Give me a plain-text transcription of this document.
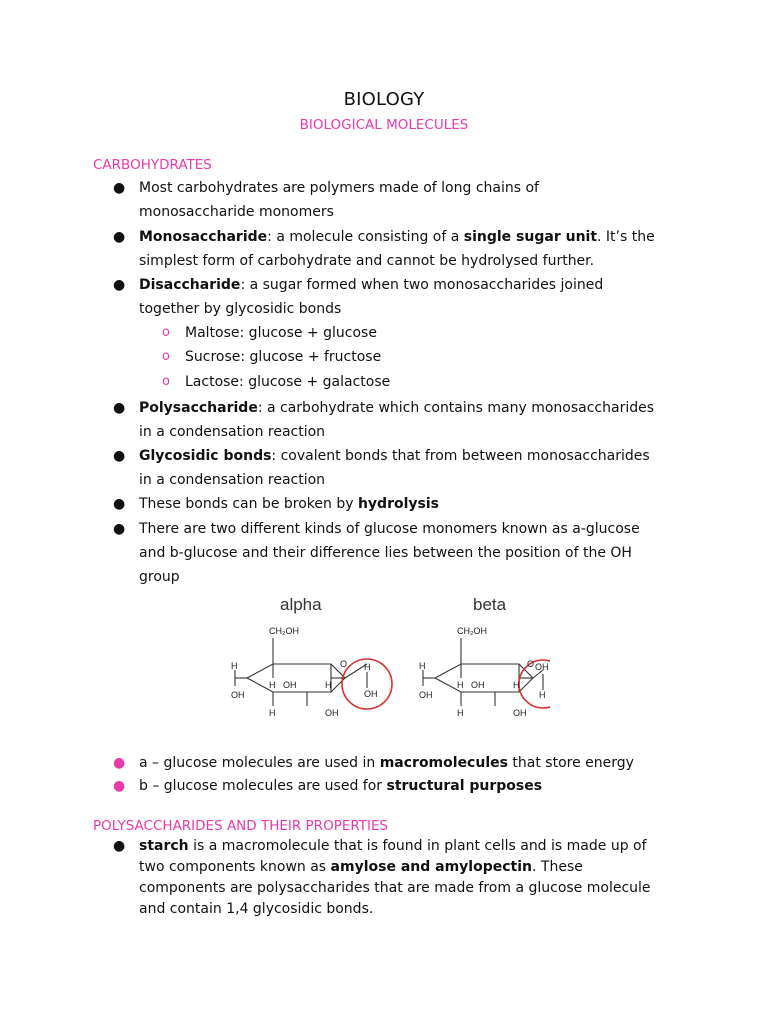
BIOLOGY
BIOLOGICAL MOLECULES
CARBOHYDRATES
● Most carbohydrates are polymers made of long chains of
monosaccharide monomers
● Monosaccharide: a molecule consisting of a single sugar unit. It’s the
simplest form of carbohydrate and cannot be hydrolysed further.
● Disaccharide: a sugar formed when two monosaccharides joined
together by glycosidic bonds
o Maltose: glucose + glucose
o Sucrose: glucose + fructose
o Lactose: glucose + galactose
● Polysaccharide: a carbohydrate which contains many monosaccharides
in a condensation reaction
● Glycosidic bonds: covalent bonds that from between monosaccharides
in a condensation reaction
● These bonds can be broken by hydrolysis
● There are two different kinds of glucose monomers known as a-glucose
and b-glucose and their difference lies between the position of the OH
group
alpha	beta
CH₂OH
O
H
OH
H OH
H	OH
H
H
OH
CH₂OH
O
H
OH
H OH
H	OH
H
OH
H
● a – glucose molecules are used in macromolecules that store energy
● b – glucose molecules are used for structural purposes
POLYSACCHARIDES AND THEIR PROPERTIES
● starch is a macromolecule that is found in plant cells and is made up of
two components known as amylose and amylopectin. These
components are polysaccharides that are made from a glucose molecule
and contain 1,4 glycosidic bonds.
